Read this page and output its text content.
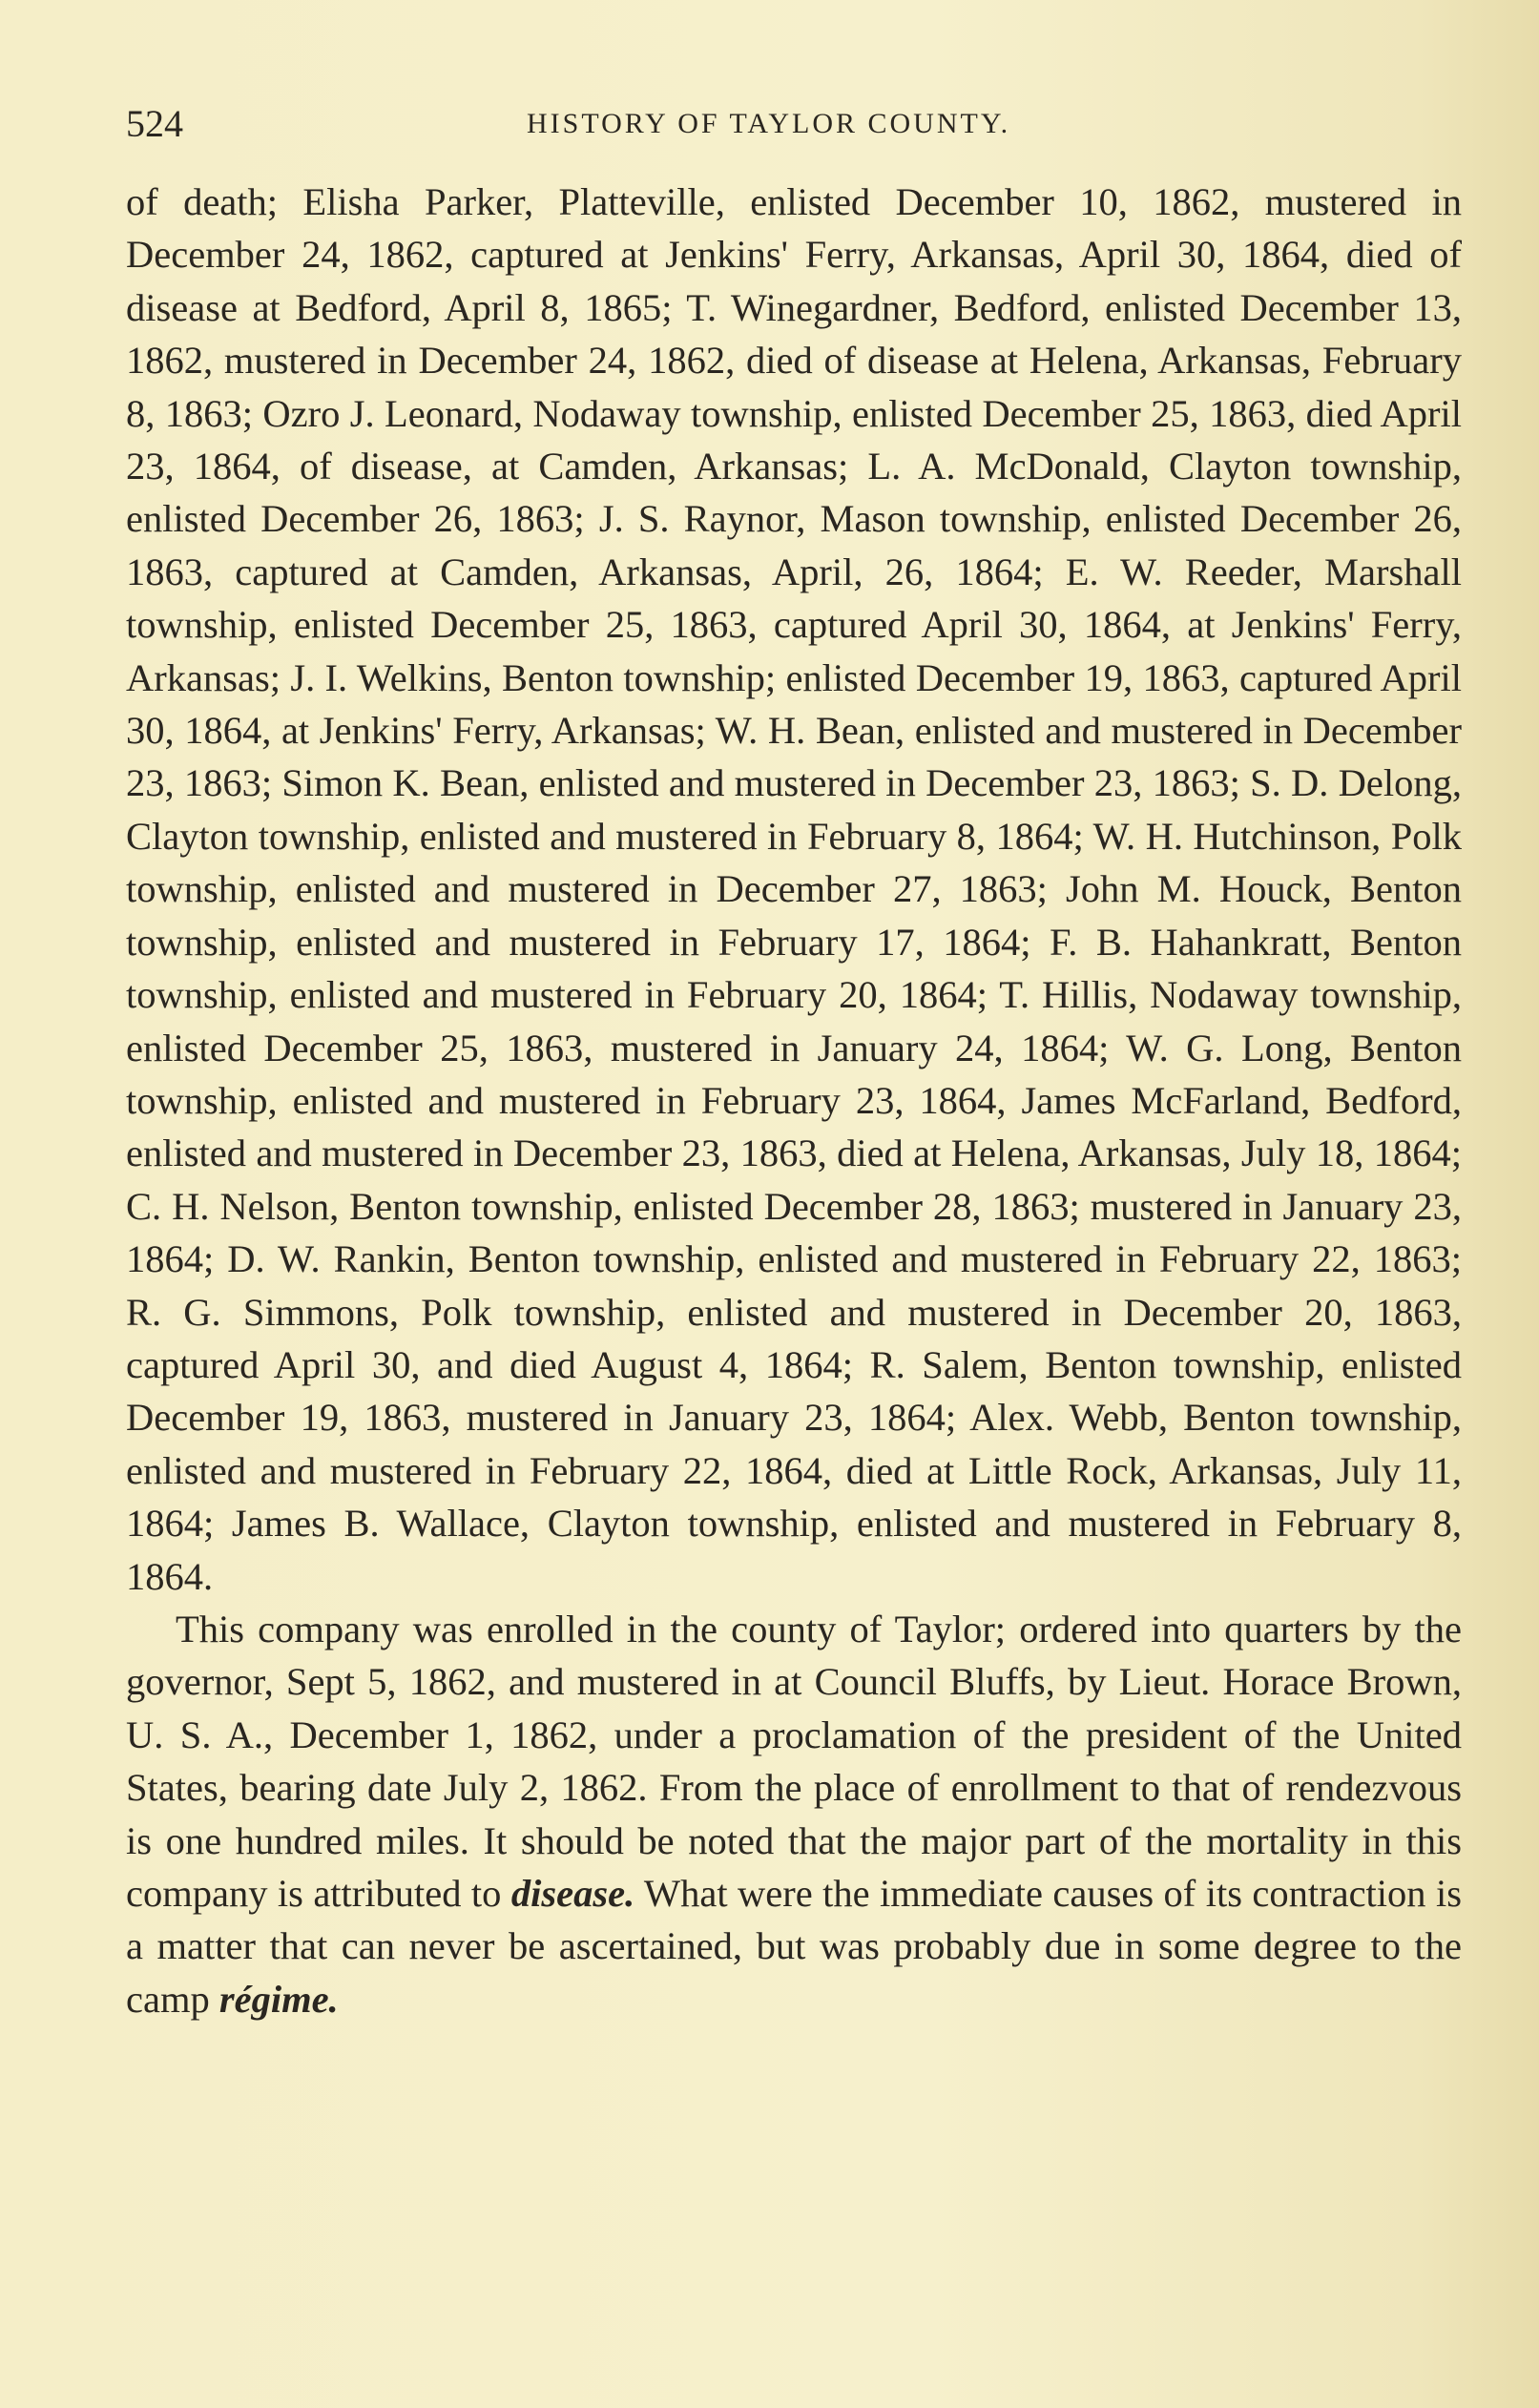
524	HISTORY OF TAYLOR COUNTY.

of death; Elisha Parker, Platteville, enlisted December 10, 1862, mustered in December 24, 1862, captured at Jenkins' Ferry, Arkansas, April 30, 1864, died of disease at Bedford, April 8, 1865; T. Winegardner, Bedford, enlisted December 13, 1862, mustered in December 24, 1862, died of disease at Helena, Arkansas, February 8, 1863; Ozro J. Leonard, Nodaway township, enlisted December 25, 1863, died April 23, 1864, of disease, at Camden, Arkansas; L. A. McDonald, Clayton township, enlisted December 26, 1863; J. S. Raynor, Mason township, enlisted December 26, 1863, captured at Camden, Arkansas, April, 26, 1864; E. W. Reeder, Marshall township, enlisted December 25, 1863, captured April 30, 1864, at Jenkins' Ferry, Arkansas; J. I. Welkins, Benton township; enlisted December 19, 1863, captured April 30, 1864, at Jenkins' Ferry, Arkansas; W. H. Bean, enlisted and mustered in December 23, 1863; Simon K. Bean, enlisted and mustered in December 23, 1863; S. D. Delong, Clayton township, enlisted and mustered in February 8, 1864; W. H. Hutchinson, Polk township, enlisted and mustered in December 27, 1863; John M. Houck, Benton township, enlisted and mustered in February 17, 1864; F. B. Hahankratt, Benton township, enlisted and mustered in February 20, 1864; T. Hillis, Nodaway township, enlisted December 25, 1863, mustered in January 24, 1864; W. G. Long, Benton township, enlisted and mustered in February 23, 1864, James McFarland, Bedford, enlisted and mustered in December 23, 1863, died at Helena, Arkansas, July 18, 1864; C. H. Nelson, Benton township, enlisted December 28, 1863; mustered in January 23, 1864; D. W. Rankin, Benton township, enlisted and mustered in February 22, 1863; R. G. Simmons, Polk township, enlisted and mustered in December 20, 1863, captured April 30, and died August 4, 1864; R. Salem, Benton township, enlisted December 19, 1863, mustered in January 23, 1864; Alex. Webb, Benton township, enlisted and mustered in February 22, 1864, died at Little Rock, Arkansas, July 11, 1864; James B. Wallace, Clayton township, enlisted and mustered in February 8, 1864.

This company was enrolled in the county of Taylor; ordered into quarters by the governor, Sept 5, 1862, and mustered in at Council Bluffs, by Lieut. Horace Brown, U. S. A., December 1, 1862, under a proclamation of the president of the United States, bearing date July 2, 1862. From the place of enrollment to that of rendezvous is one hundred miles. It should be noted that the major part of the mortality in this company is attributed to disease. What were the immediate causes of its contraction is a matter that can never be ascertained, but was probably due in some degree to the camp régime.
